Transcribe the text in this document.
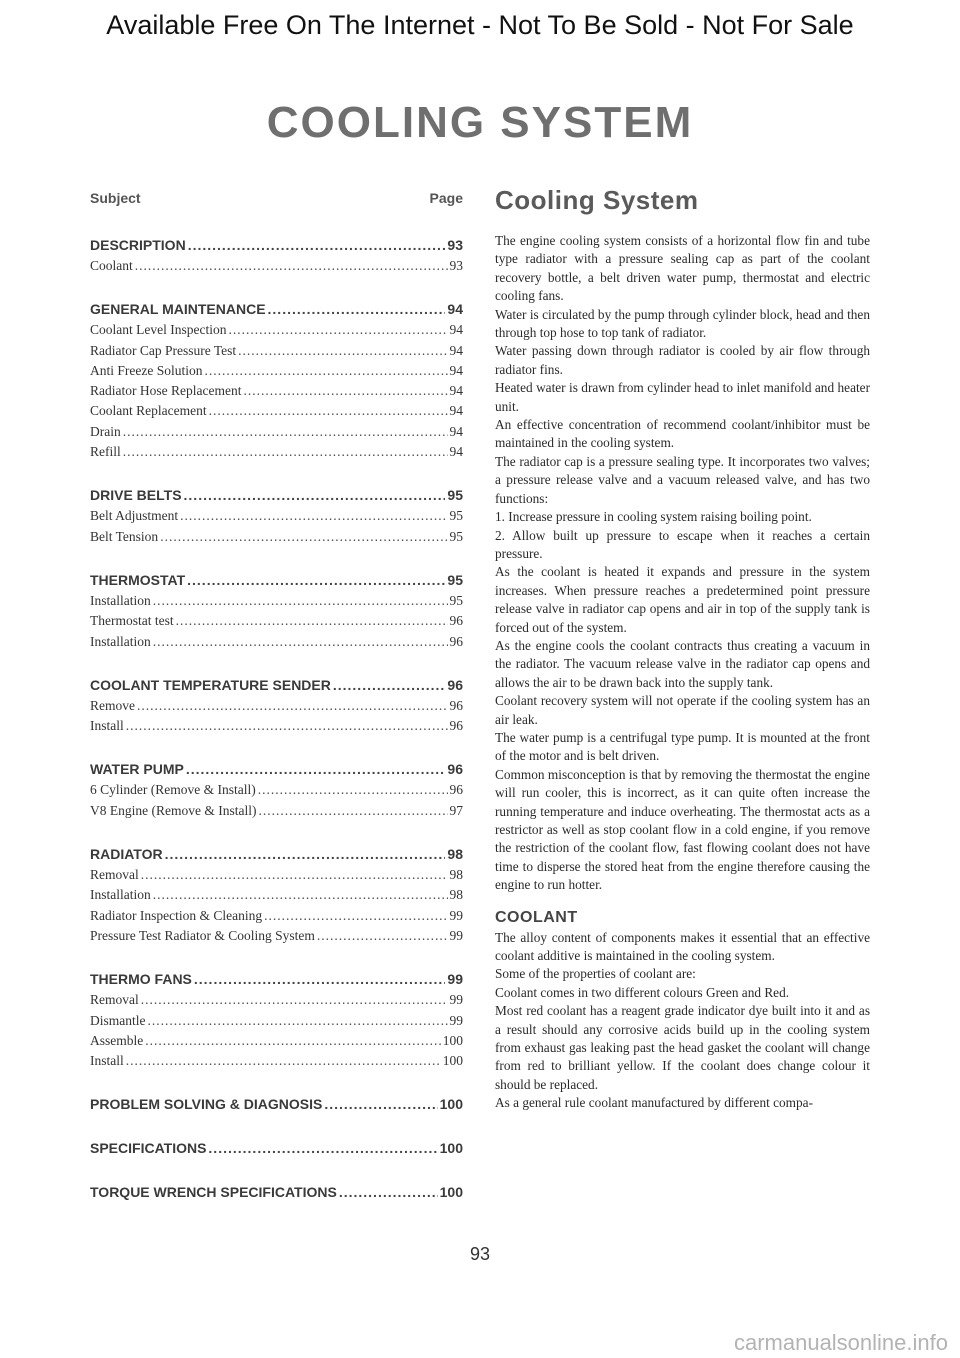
Available Free On The Internet - Not To Be Sold - Not For Sale
COOLING SYSTEM
Subject	Page
DESCRIPTION .....	93
Coolant .....	93
GENERAL MAINTENANCE .....	94
Coolant Level Inspection .....	94
Radiator Cap Pressure Test .....	94
Anti Freeze Solution .....	94
Radiator Hose Replacement .....	94
Coolant Replacement .....	94
Drain .....	94
Refill .....	94
DRIVE BELTS .....	95
Belt Adjustment .....	95
Belt Tension .....	95
THERMOSTAT .....	95
Installation .....	95
Thermostat test .....	96
Installation .....	96
COOLANT TEMPERATURE SENDER .....	96
Remove .....	96
Install .....	96
WATER PUMP .....	96
6 Cylinder (Remove & Install) .....	96
V8 Engine (Remove & Install) .....	97
RADIATOR .....	98
Removal .....	98
Installation .....	98
Radiator Inspection & Cleaning .....	99
Pressure Test Radiator & Cooling System .....	99
THERMO FANS .....	99
Removal .....	99
Dismantle .....	99
Assemble .....	100
Install .....	100
PROBLEM SOLVING & DIAGNOSIS .....	100
SPECIFICATIONS .....	100
TORQUE WRENCH SPECIFICATIONS .....	100
Cooling System

The engine cooling system consists of a horizontal flow fin and tube type radiator with a pressure sealing cap as part of the coolant recovery bottle, a belt driven water pump, thermostat and electric cooling fans.

Water is circulated by the pump through cylinder block, head and then through top hose to top tank of radiator.

Water passing down through radiator is cooled by air flow through radiator fins.

Heated water is drawn from cylinder head to inlet manifold and heater unit.

An effective concentration of recommend coolant/inhibitor must be maintained in the cooling system.

The radiator cap is a pressure sealing type. It incorporates two valves; a pressure release valve and a vacuum released valve, and has two functions:

1. Increase pressure in cooling system raising boiling point.

2. Allow built up pressure to escape when it reaches a certain pressure.

As the coolant is heated it expands and pressure in the system increases. When pressure reaches a predetermined point pressure release valve in radiator cap opens and air in top of the supply tank is forced out of the system.

As the engine cools the coolant contracts thus creating a vacuum in the radiator. The vacuum release valve in the radiator cap opens and allows the air to be drawn back into the supply tank.

Coolant recovery system will not operate if the cooling system has an air leak.

The water pump is a centrifugal type pump. It is mounted at the front of the motor and is belt driven.

Common misconception is that by removing the thermostat the engine will run cooler, this is incorrect, as it can quite often increase the running temperature and induce overheating. The thermostat acts as a restrictor as well as stop coolant flow in a cold engine, if you remove the restriction of the coolant flow, fast flowing coolant does not have time to disperse the stored heat from the engine therefore causing the engine to run hotter.

COOLANT

The alloy content of components makes it essential that an effective coolant additive is maintained in the cooling system.

Some of the properties of coolant are:

Coolant comes in two different colours Green and Red.

Most red coolant has a reagent grade indicator dye built into it and as a result should any corrosive acids build up in the cooling system from exhaust gas leaking past the head gasket the coolant will change from red to brilliant yellow. If the coolant does change colour it should be replaced.

As a general rule coolant manufactured by different compa-

93
carmanualsonline.info
